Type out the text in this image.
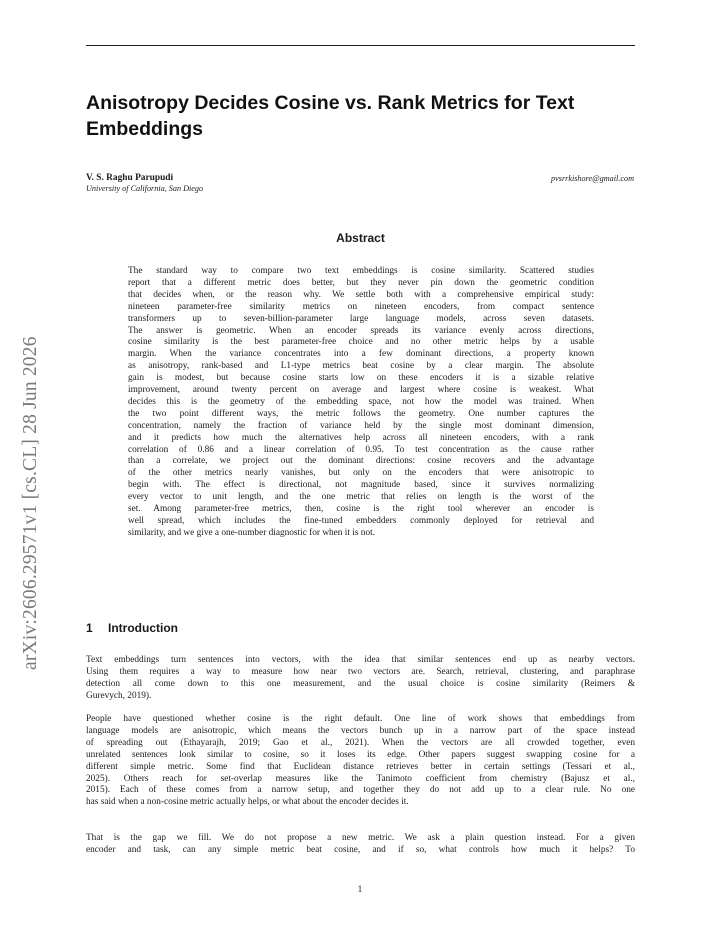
arXiv:2606.29571v1 [cs.CL] 28 Jun 2026
Anisotropy Decides Cosine vs. Rank Metrics for Text Embeddings
V. S. Raghu Parupudi
University of California, San Diego
pvsrrkishore@gmail.com
Abstract
The standard way to compare two text embeddings is cosine similarity. Scattered studies
report that a different metric does better, but they never pin down the geometric condition
that decides when, or the reason why. We settle both with a comprehensive empirical study:
nineteen parameter-free similarity metrics on nineteen encoders, from compact sentence
transformers up to seven-billion-parameter large language models, across seven datasets.
The answer is geometric. When an encoder spreads its variance evenly across directions,
cosine similarity is the best parameter-free choice and no other metric helps by a usable
margin. When the variance concentrates into a few dominant directions, a property known
as anisotropy, rank-based and L1-type metrics beat cosine by a clear margin. The absolute
gain is modest, but because cosine starts low on these encoders it is a sizable relative
improvement, around twenty percent on average and largest where cosine is weakest. What
decides this is the geometry of the embedding space, not how the model was trained. When
the two point different ways, the metric follows the geometry. One number captures the
concentration, namely the fraction of variance held by the single most dominant dimension,
and it predicts how much the alternatives help across all nineteen encoders, with a rank
correlation of 0.86 and a linear correlation of 0.95. To test concentration as the cause rather
than a correlate, we project out the dominant directions: cosine recovers and the advantage
of the other metrics nearly vanishes, but only on the encoders that were anisotropic to
begin with. The effect is directional, not magnitude based, since it survives normalizing
every vector to unit length, and the one metric that relies on length is the worst of the
set. Among parameter-free metrics, then, cosine is the right tool wherever an encoder is
well spread, which includes the fine-tuned embedders commonly deployed for retrieval and
similarity, and we give a one-number diagnostic for when it is not.
1 Introduction
Text embeddings turn sentences into vectors, with the idea that similar sentences end up as nearby vectors.
Using them requires a way to measure how near two vectors are. Search, retrieval, clustering, and paraphrase
detection all come down to this one measurement, and the usual choice is cosine similarity (Reimers &
Gurevych, 2019).
People have questioned whether cosine is the right default. One line of work shows that embeddings from
language models are anisotropic, which means the vectors bunch up in a narrow part of the space instead
of spreading out (Ethayarajh, 2019; Gao et al., 2021). When the vectors are all crowded together, even
unrelated sentences look similar to cosine, so it loses its edge. Other papers suggest swapping cosine for a
different simple metric. Some find that Euclidean distance retrieves better in certain settings (Tessari et al.,
2025). Others reach for set-overlap measures like the Tanimoto coefficient from chemistry (Bajusz et al.,
2015). Each of these comes from a narrow setup, and together they do not add up to a clear rule. No one
has said when a non-cosine metric actually helps, or what about the encoder decides it.
That is the gap we fill. We do not propose a new metric. We ask a plain question instead. For a given
encoder and task, can any simple metric beat cosine, and if so, what controls how much it helps? To
1
